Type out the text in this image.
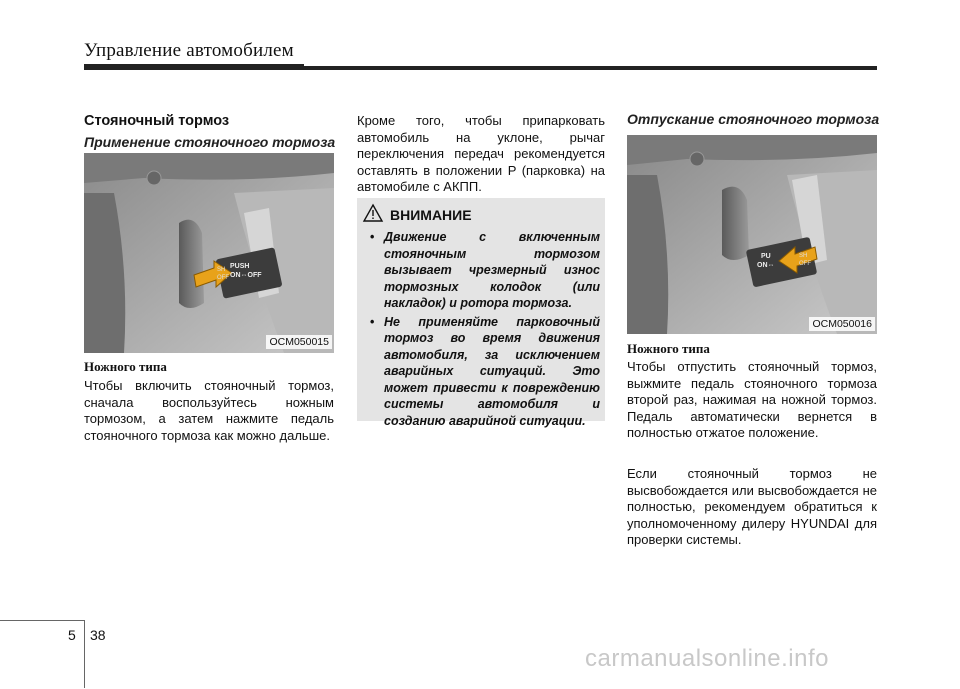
Управление автомобилем
Стояночный тормоз
Применение стояночного тормоза
PUSH
ON⇔OFF
SH
OFF
OCM050015
Ножного типа
Чтобы включить стояночный тормоз, сначала воспользуйтесь ножным тормозом, а затем нажмите педаль стояночного тормоза как можно дальше.
Кроме того, чтобы припарковать автомобиль на уклоне, рычаг переключения передач рекомендуется оставлять в положении P (парковка) на автомобиле с АКПП.
ВНИМАНИЕ
• Движение с включенным стояночным тормозом вызывает чрезмерный износ тормозных колодок (или накладок) и ротора тормоза.
• Не применяйте парковочный тормоз во время движения автомобиля, за исключением аварийных ситуаций. Это может привести к повреждению системы автомобиля и созданию аварийной ситуации.
Отпускание стояночного тормоза
PU
ON⇔
SH
OFF
OCM050016
Ножного типа
Чтобы отпустить стояночный тормоз, выжмите педаль стояночного тормоза второй раз, нажимая на ножной тормоз. Педаль автоматически вернется в полностью отжатое положение.
Если стояночный тормоз не высвобождается или высвобождается не полностью, рекомендуем обратиться к уполномоченному дилеру HYUNDAI для проверки системы.
5 38
carmanualsonline.info
